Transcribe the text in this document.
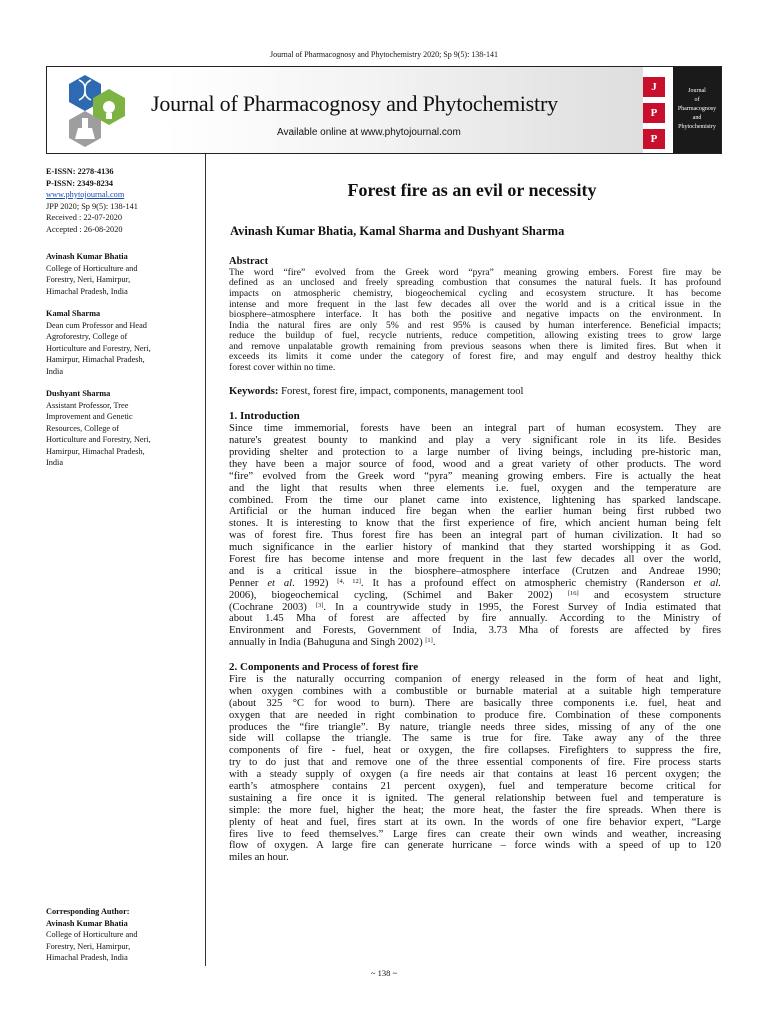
Journal of Pharmacognosy and Phytochemistry 2020; Sp 9(5): 138-141
Journal of Pharmacognosy and Phytochemistry
Available online at www.phytojournal.com
J
P
P
Journal
of
Pharmacognosy
and
Phytochemistry
E-ISSN: 2278-4136
P-ISSN: 2349-8234
www.phytojournal.com
JPP 2020; Sp 9(5): 138-141
Received : 22-07-2020
Accepted : 26-08-2020
Avinash Kumar Bhatia
College of Horticulture and
Forestry, Neri, Hamirpur,
Himachal Pradesh, India
Kamal Sharma
Dean cum Professor and Head
Agroforestry, College of
Horticulture and Forestry, Neri,
Hamirpur, Himachal Pradesh,
India
Dushyant Sharma
Assistant Professor, Tree
Improvement and Genetic
Resources, College of
Horticulture and Forestry, Neri,
Hamirpur, Himachal Pradesh,
India
Corresponding Author:
Avinash Kumar Bhatia
College of Horticulture and
Forestry, Neri, Hamirpur,
Himachal Pradesh, India
Forest fire as an evil or necessity
Avinash Kumar Bhatia, Kamal Sharma and Dushyant Sharma
Abstract
The word “fire” evolved from the Greek word “pyra” meaning growing embers. Forest fire may be
defined as an unclosed and freely spreading combustion that consumes the natural fuels. It has profound
impacts on atmospheric chemistry, biogeochemical cycling and ecosystem structure. It has become
intense and more frequent in the last few decades all over the world and is a critical issue in the
biosphere–atmosphere interface. It has both the positive and negative impacts on the environment. In
India the natural fires are only 5% and rest 95% is caused by human interference. Beneficial impacts;
reduce the buildup of fuel, recycle nutrients, reduce competition, allowing existing trees to grow large
and remove unpalatable growth remaining from previous seasons when there is limited fires. But when it
exceeds its limits it come under the category of forest fire, and may engulf and destroy healthy thick
forest cover within no time.
Keywords: Forest, forest fire, impact, components, management tool
1. Introduction
Since time immemorial, forests have been an integral part of human ecosystem. They are
nature's greatest bounty to mankind and play a very significant role in its life. Besides
providing shelter and protection to a large number of living beings, including pre-historic man,
they have been a major source of food, wood and a great variety of other products. The word
“fire” evolved from the Greek word “pyra” meaning growing embers. Fire is actually the heat
and the light that results when three elements i.e. fuel, oxygen and the temperature are
combined. From the time our planet came into existence, lightening has sparked landscape.
Artificial or the human induced fire began when the earlier human being first rubbed two
stones. It is interesting to know that the first experience of fire, which ancient human being felt
was of forest fire. Thus forest fire has been an integral part of human civilization. It had so
much significance in the earlier history of mankind that they started worshipping it as God.
Forest fire has become intense and more frequent in the last few decades all over the world,
and is a critical issue in the biosphere–atmosphere interface (Crutzen and Andreae 1990;
Penner et al. 1992) [4, 12]. It has a profound effect on atmospheric chemistry (Randerson et al.
2006), biogeochemical cycling, (Schimel and Baker 2002) [16] and ecosystem structure
(Cochrane 2003) [3]. In a countrywide study in 1995, the Forest Survey of India estimated that
about 1.45 Mha of forest are affected by fire annually. According to the Ministry of
Environment and Forests, Government of India, 3.73 Mha of forests are affected by fires
annually in India (Bahuguna and Singh 2002) [1].
2. Components and Process of forest fire
Fire is the naturally occurring companion of energy released in the form of heat and light,
when oxygen combines with a combustible or burnable material at a suitable high temperature
(about 325 °C for wood to burn). There are basically three components i.e. fuel, heat and
oxygen that are needed in right combination to produce fire. Combination of these components
produces the “fire triangle”. By nature, triangle needs three sides, missing of any of the one
side will collapse the triangle. The same is true for fire. Take away any of the three
components of fire - fuel, heat or oxygen, the fire collapses. Firefighters to suppress the fire,
try to do just that and remove one of the three essential components of fire. Fire process starts
with a steady supply of oxygen (a fire needs air that contains at least 16 percent oxygen; the
earth’s atmosphere contains 21 percent oxygen), fuel and temperature become critical for
sustaining a fire once it is ignited. The general relationship between fuel and temperature is
simple: the more fuel, higher the heat; the more heat, the faster the fire spreads. When there is
plenty of heat and fuel, fires start at its own. In the words of one fire behavior expert, “Large
fires live to feed themselves.” Large fires can create their own winds and weather, increasing
flow of oxygen. A large fire can generate hurricane – force winds with a speed of up to 120
miles an hour.
~ 138 ~
